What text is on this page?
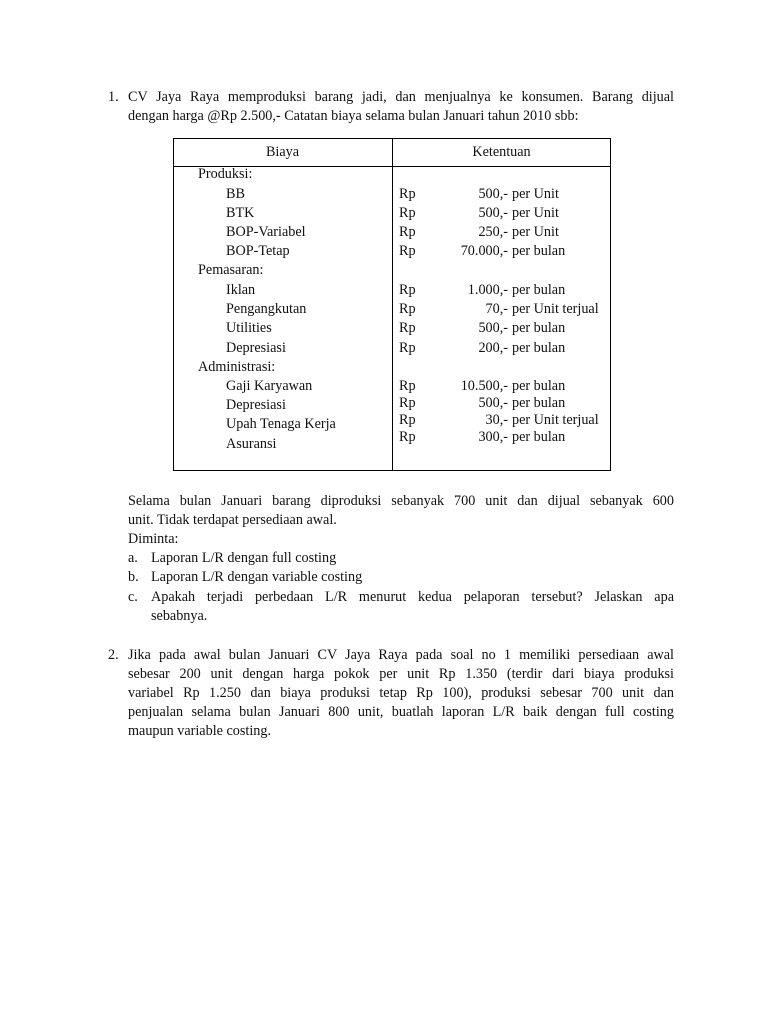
1. CV Jaya Raya memproduksi barang jadi, dan menjualnya ke konsumen. Barang dijual
dengan harga @Rp 2.500,- Catatan biaya selama bulan Januari tahun 2010 sbb:
Biaya	Ketentuan
Produksi:
BB	Rp	500,- per Unit
BTK	Rp	500,- per Unit
BOP-Variabel	Rp	250,- per Unit
BOP-Tetap	Rp	70.000,- per bulan
Pemasaran:
Iklan	Rp	1.000,- per bulan
Pengangkutan	Rp	70,- per Unit terjual
Utilities	Rp	500,- per bulan
Depresiasi	Rp	200,- per bulan
Administrasi:
Gaji Karyawan	Rp	10.500,- per bulan
Depresiasi	Rp	500,- per bulan
Upah Tenaga Kerja	Rp	30,- per Unit terjual
Asuransi	Rp	300,- per bulan
Selama bulan Januari barang diproduksi sebanyak 700 unit dan dijual sebanyak 600
unit. Tidak terdapat persediaan awal.
Diminta:
a. Laporan L/R dengan full costing
b. Laporan L/R dengan variable costing
c. Apakah terjadi perbedaan L/R menurut kedua pelaporan tersebut? Jelaskan apa
sebabnya.
2. Jika pada awal bulan Januari CV Jaya Raya pada soal no 1 memiliki persediaan awal
sebesar 200 unit dengan harga pokok per unit Rp 1.350 (terdir dari biaya produksi
variabel Rp 1.250 dan biaya produksi tetap Rp 100), produksi sebesar 700 unit dan
penjualan selama bulan Januari 800 unit, buatlah laporan L/R baik dengan full costing
maupun variable costing.
